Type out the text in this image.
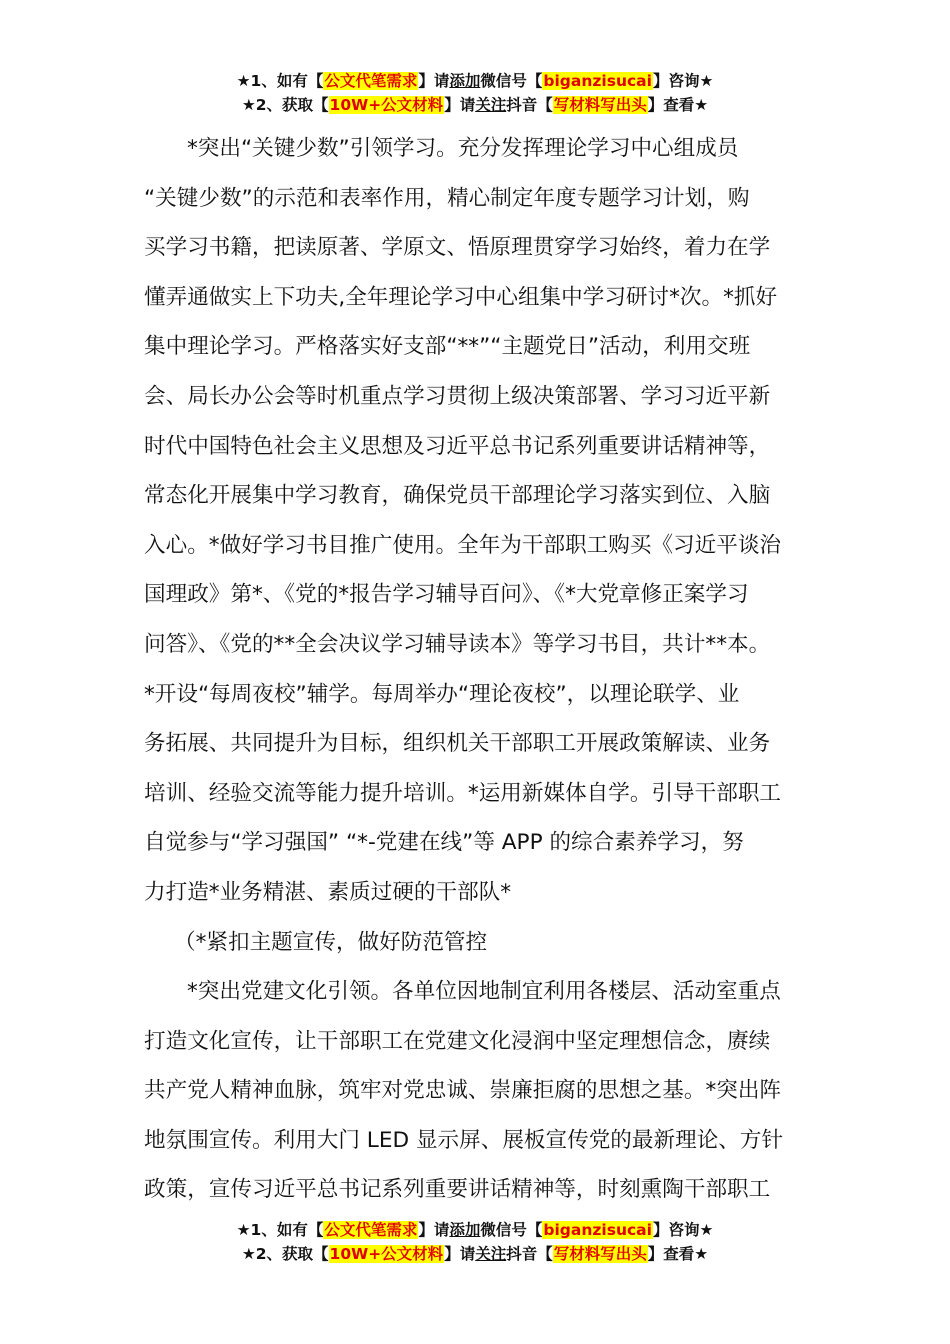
★1、如有【公文代笔需求】请添加微信号【biganzisucai】咨询★
★2、获取【10W+公文材料】请关注抖音【写材料写出头】查看★

*突出“关键少数”引领学习。充分发挥理论学习中心组成员

“关键少数”的示范和表率作用，精心制定年度专题学习计划，购

买学习书籍，把读原著、学原文、悟原理贯穿学习始终，着力在学

懂弄通做实上下功夫,全年理论学习中心组集中学习研讨*次。*抓好

集中理论学习。严格落实好支部“**”“主题党日”活动，利用交班

会、局长办公会等时机重点学习贯彻上级决策部署、学习习近平新

时代中国特色社会主义思想及习近平总书记系列重要讲话精神等，

常态化开展集中学习教育，确保党员干部理论学习落实到位、入脑

入心。*做好学习书目推广使用。全年为干部职工购买《习近平谈治

国理政》第*、《党的*报告学习辅导百问》、《*大党章修正案学习

问答》、《党的**全会决议学习辅导读本》等学习书目，共计**本。

*开设“每周夜校”辅学。每周举办“理论夜校”，以理论联学、业

务拓展、共同提升为目标，组织机关干部职工开展政策解读、业务

培训、经验交流等能力提升培训。*运用新媒体自学。引导干部职工

自觉参与“学习强国” “*-党建在线”等 APP 的综合素养学习，努

力打造*业务精湛、素质过硬的干部队*

（*紧扣主题宣传，做好防范管控

*突出党建文化引领。各单位因地制宜利用各楼层、活动室重点

打造文化宣传，让干部职工在党建文化浸润中坚定理想信念，赓续

共产党人精神血脉，筑牢对党忠诚、崇廉拒腐的思想之基。*突出阵

地氛围宣传。利用大门 LED 显示屏、展板宣传党的最新理论、方针

政策，宣传习近平总书记系列重要讲话精神等，时刻熏陶干部职工

★1、如有【公文代笔需求】请添加微信号【biganzisucai】咨询★
★2、获取【10W+公文材料】请关注抖音【写材料写出头】查看★
